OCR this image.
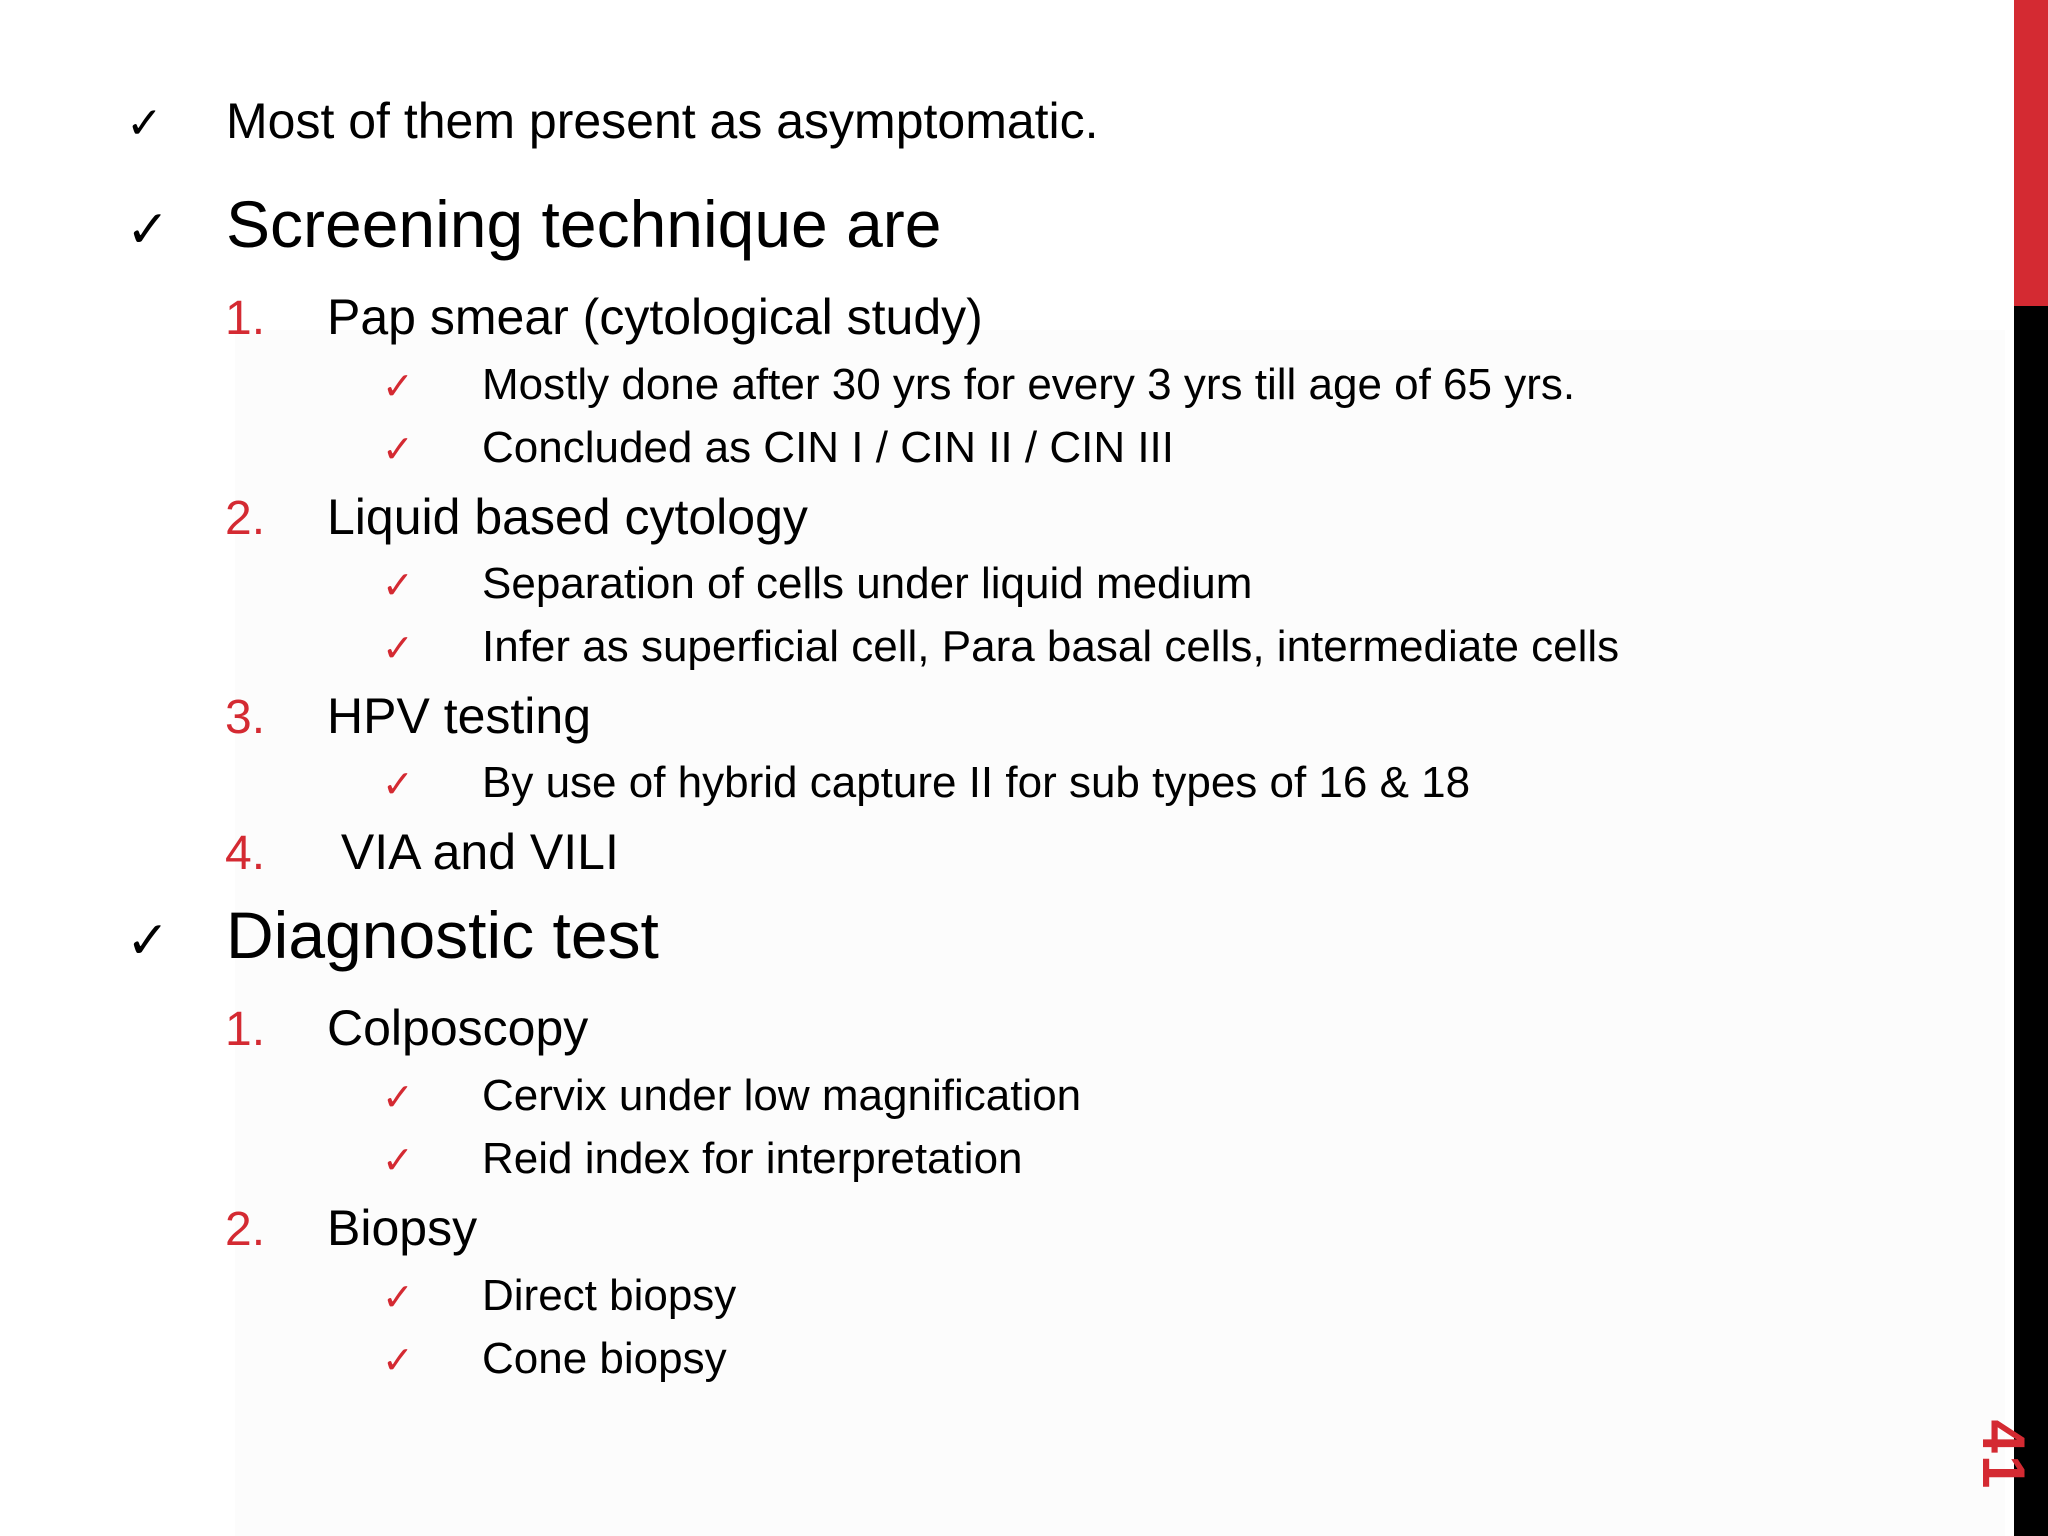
41
✓	Most of them present as asymptomatic.
✓ Screening technique are
1.	Pap smear (cytological study)
✓	Mostly done after 30 yrs for every 3 yrs till age of 65 yrs.
✓	Concluded as CIN I / CIN II / CIN III
2.	Liquid based cytology
✓	Separation of cells under liquid medium
✓	Infer as superficial cell, Para basal cells, intermediate cells
3.	HPV testing
✓	By use of hybrid capture II for sub types of 16 & 18
4.	VIA and VILI
✓ Diagnostic test
1.	Colposcopy
✓	Cervix under low magnification
✓	Reid index for interpretation
2.	Biopsy
✓	Direct biopsy
✓	Cone biopsy
